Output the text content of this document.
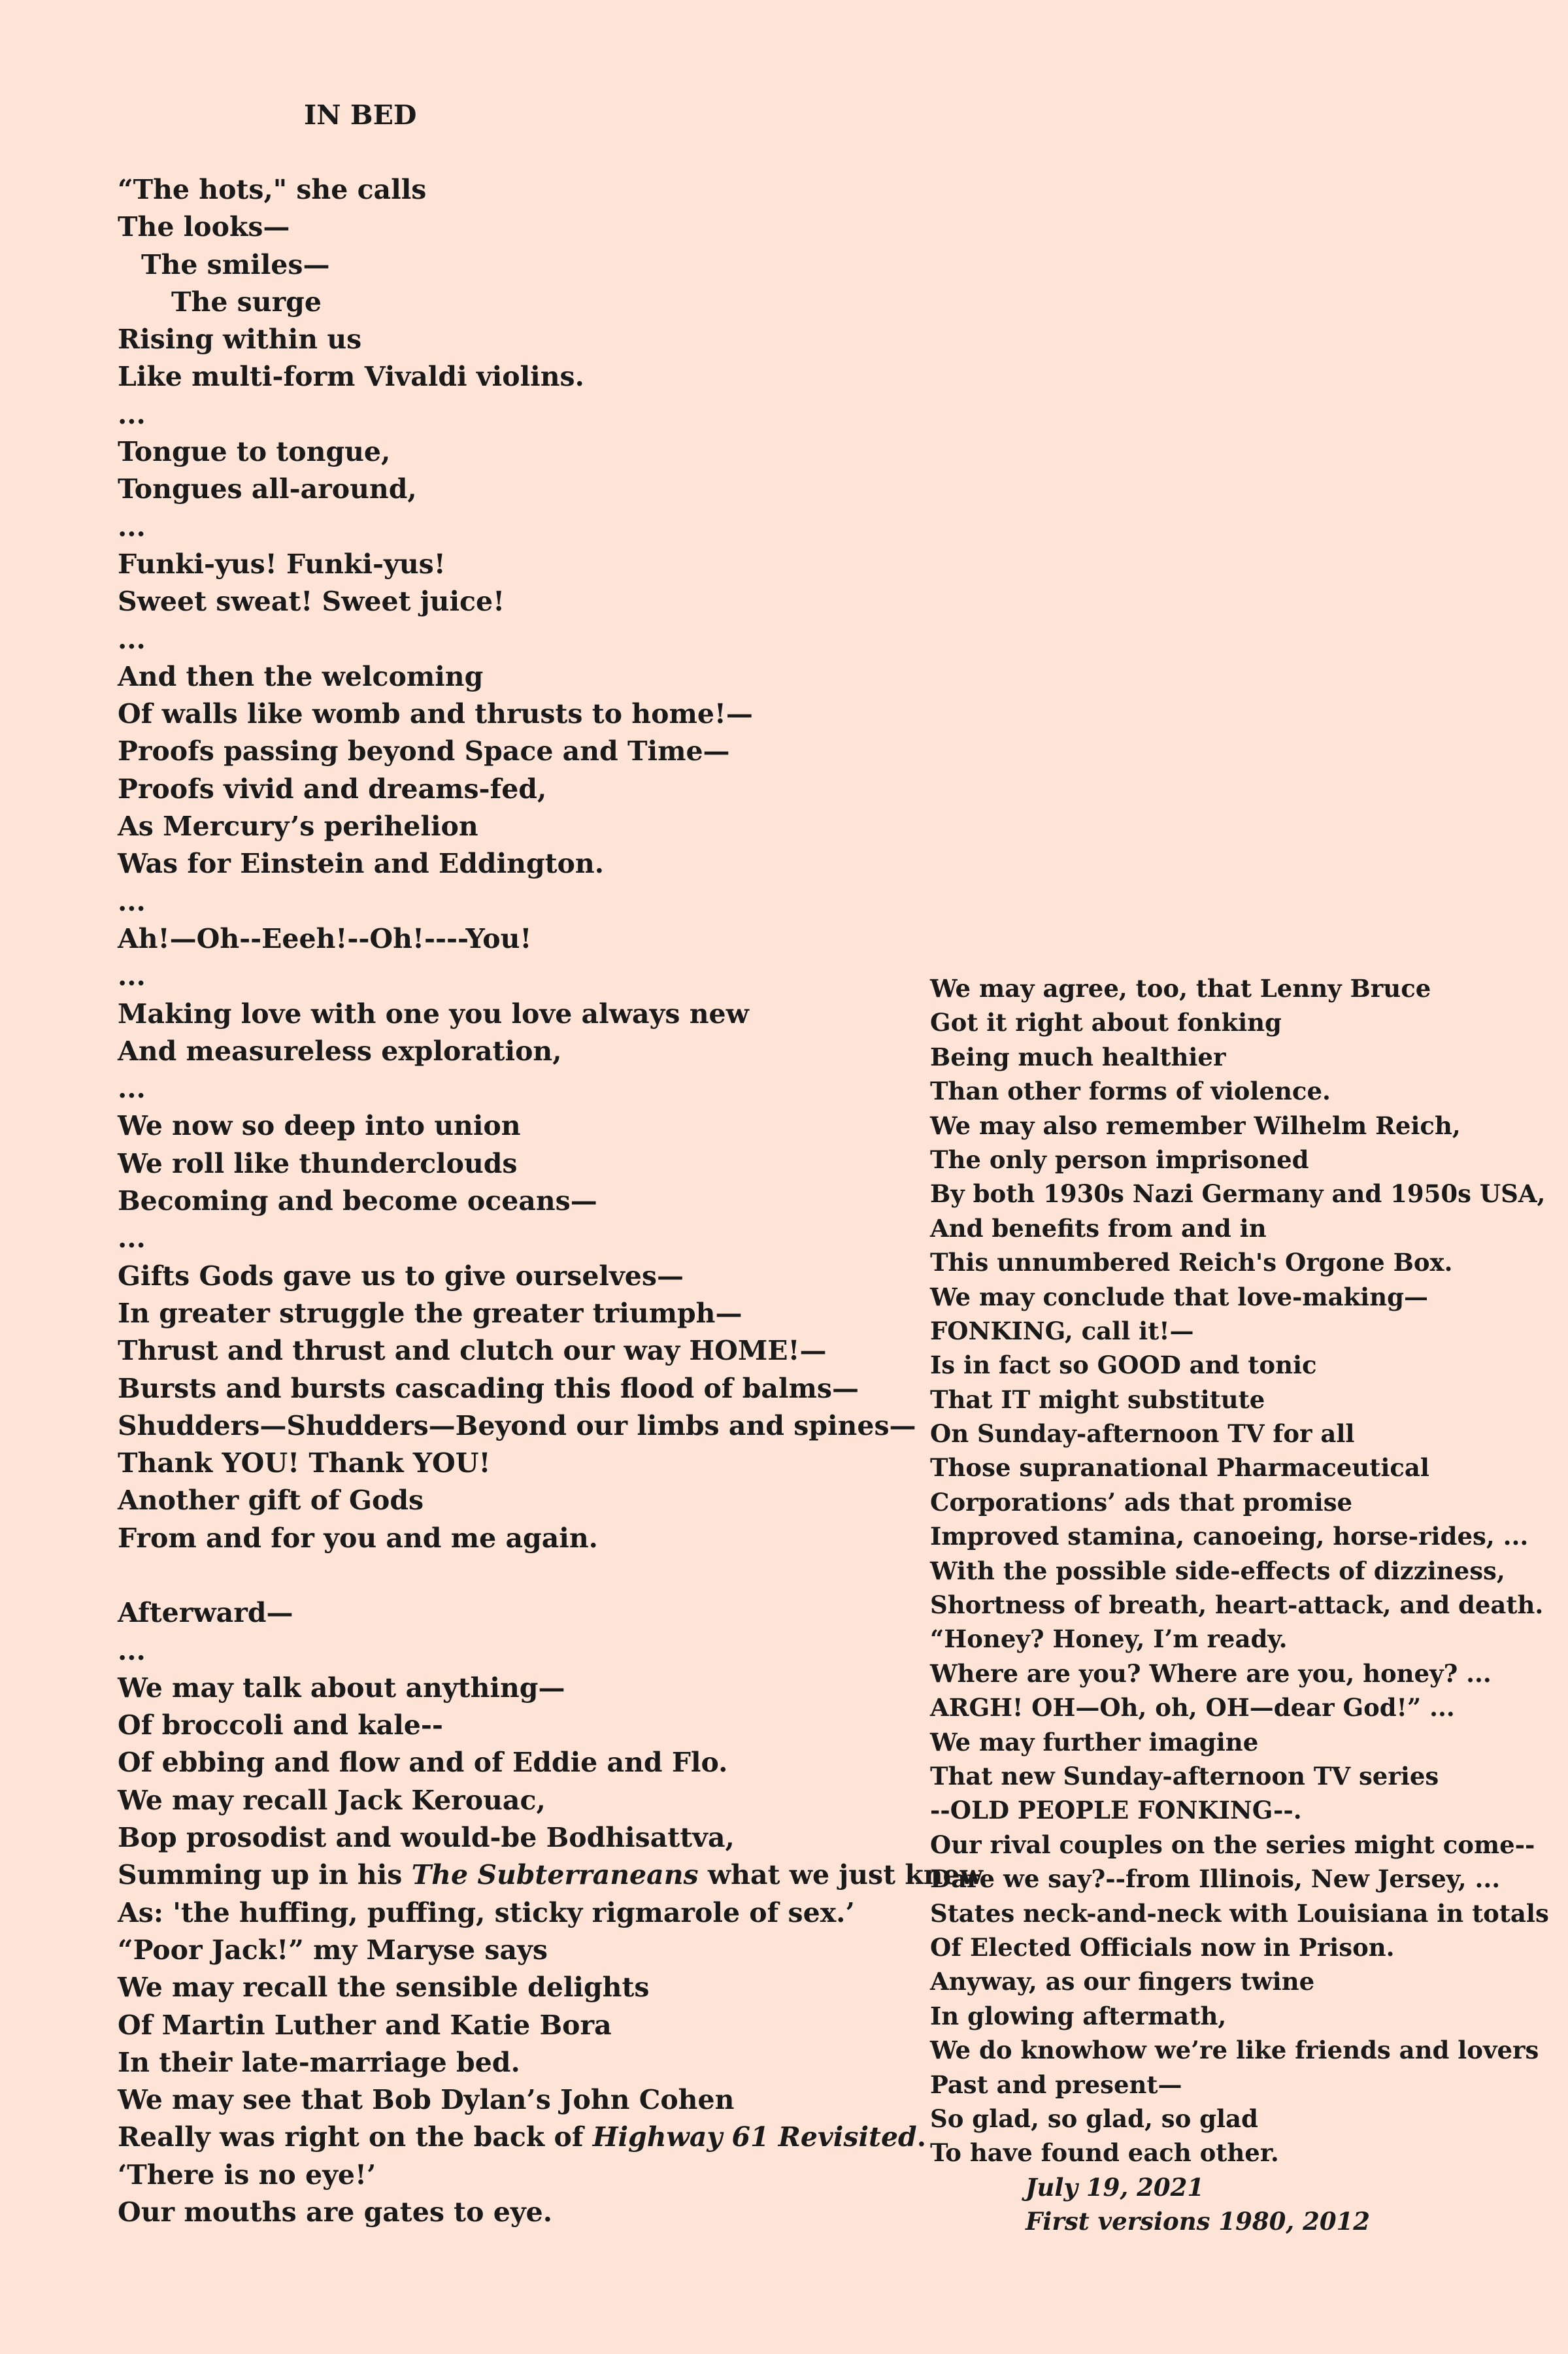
IN BED
“The hots," she calls
The looks—
The smiles—
The surge
Rising within us
Like multi-form Vivaldi violins.
...
Tongue to tongue,
Tongues all-around,
...
Funki-yus! Funki-yus!
Sweet sweat! Sweet juice!
...
And then the welcoming
Of walls like womb and thrusts to home!—
Proofs passing beyond Space and Time—
Proofs vivid and dreams-fed,
As Mercury’s perihelion
Was for Einstein and Eddington.
...
Ah!—Oh--Eeeh!--Oh!----You!
...
Making love with one you love always new
And measureless exploration,
...
We now so deep into union
We roll like thunderclouds
Becoming and become oceans—
...
Gifts Gods gave us to give ourselves—
In greater struggle the greater triumph—
Thrust and thrust and clutch our way HOME!—
Bursts and bursts cascading this flood of balms—
Shudders—Shudders—Beyond our limbs and spines—
Thank YOU! Thank YOU!
Another gift of Gods
From and for you and me again.
Afterward—
...
We may talk about anything—
Of broccoli and kale--
Of ebbing and flow and of Eddie and Flo.
We may recall Jack Kerouac,
Bop prosodist and would-be Bodhisattva,
Summing up in his The Subterraneans what we just knew
As: 'the huffing, puffing, sticky rigmarole of sex.’
“Poor Jack!” my Maryse says
We may recall the sensible delights
Of Martin Luther and Katie Bora
In their late-marriage bed.
We may see that Bob Dylan’s John Cohen
Really was right on the back of Highway 61 Revisited.
‘There is no eye!’
Our mouths are gates to eye.
We may agree, too, that Lenny Bruce
Got it right about fonking
Being much healthier
Than other forms of violence.
We may also remember Wilhelm Reich,
The only person imprisoned
By both 1930s Nazi Germany and 1950s USA,
And benefits from and in
This unnumbered Reich's Orgone Box.
We may conclude that love-making—
FONKING, call it!—
Is in fact so GOOD and tonic
That IT might substitute
On Sunday-afternoon TV for all
Those supranational Pharmaceutical
Corporations’ ads that promise
Improved stamina, canoeing, horse-rides, ...
With the possible side-effects of dizziness,
Shortness of breath, heart-attack, and death.
“Honey? Honey, I’m ready.
Where are you? Where are you, honey? ...
ARGH! OH—Oh, oh, OH—dear God!” ...
We may further imagine
That new Sunday-afternoon TV series
--OLD PEOPLE FONKING--.
Our rival couples on the series might come--
Dare we say?--from Illinois, New Jersey, ...
States neck-and-neck with Louisiana in totals
Of Elected Officials now in Prison.
Anyway, as our fingers twine
In glowing aftermath,
We do knowhow we’re like friends and lovers
Past and present—
So glad, so glad, so glad
To have found each other.
July 19, 2021
First versions 1980, 2012
